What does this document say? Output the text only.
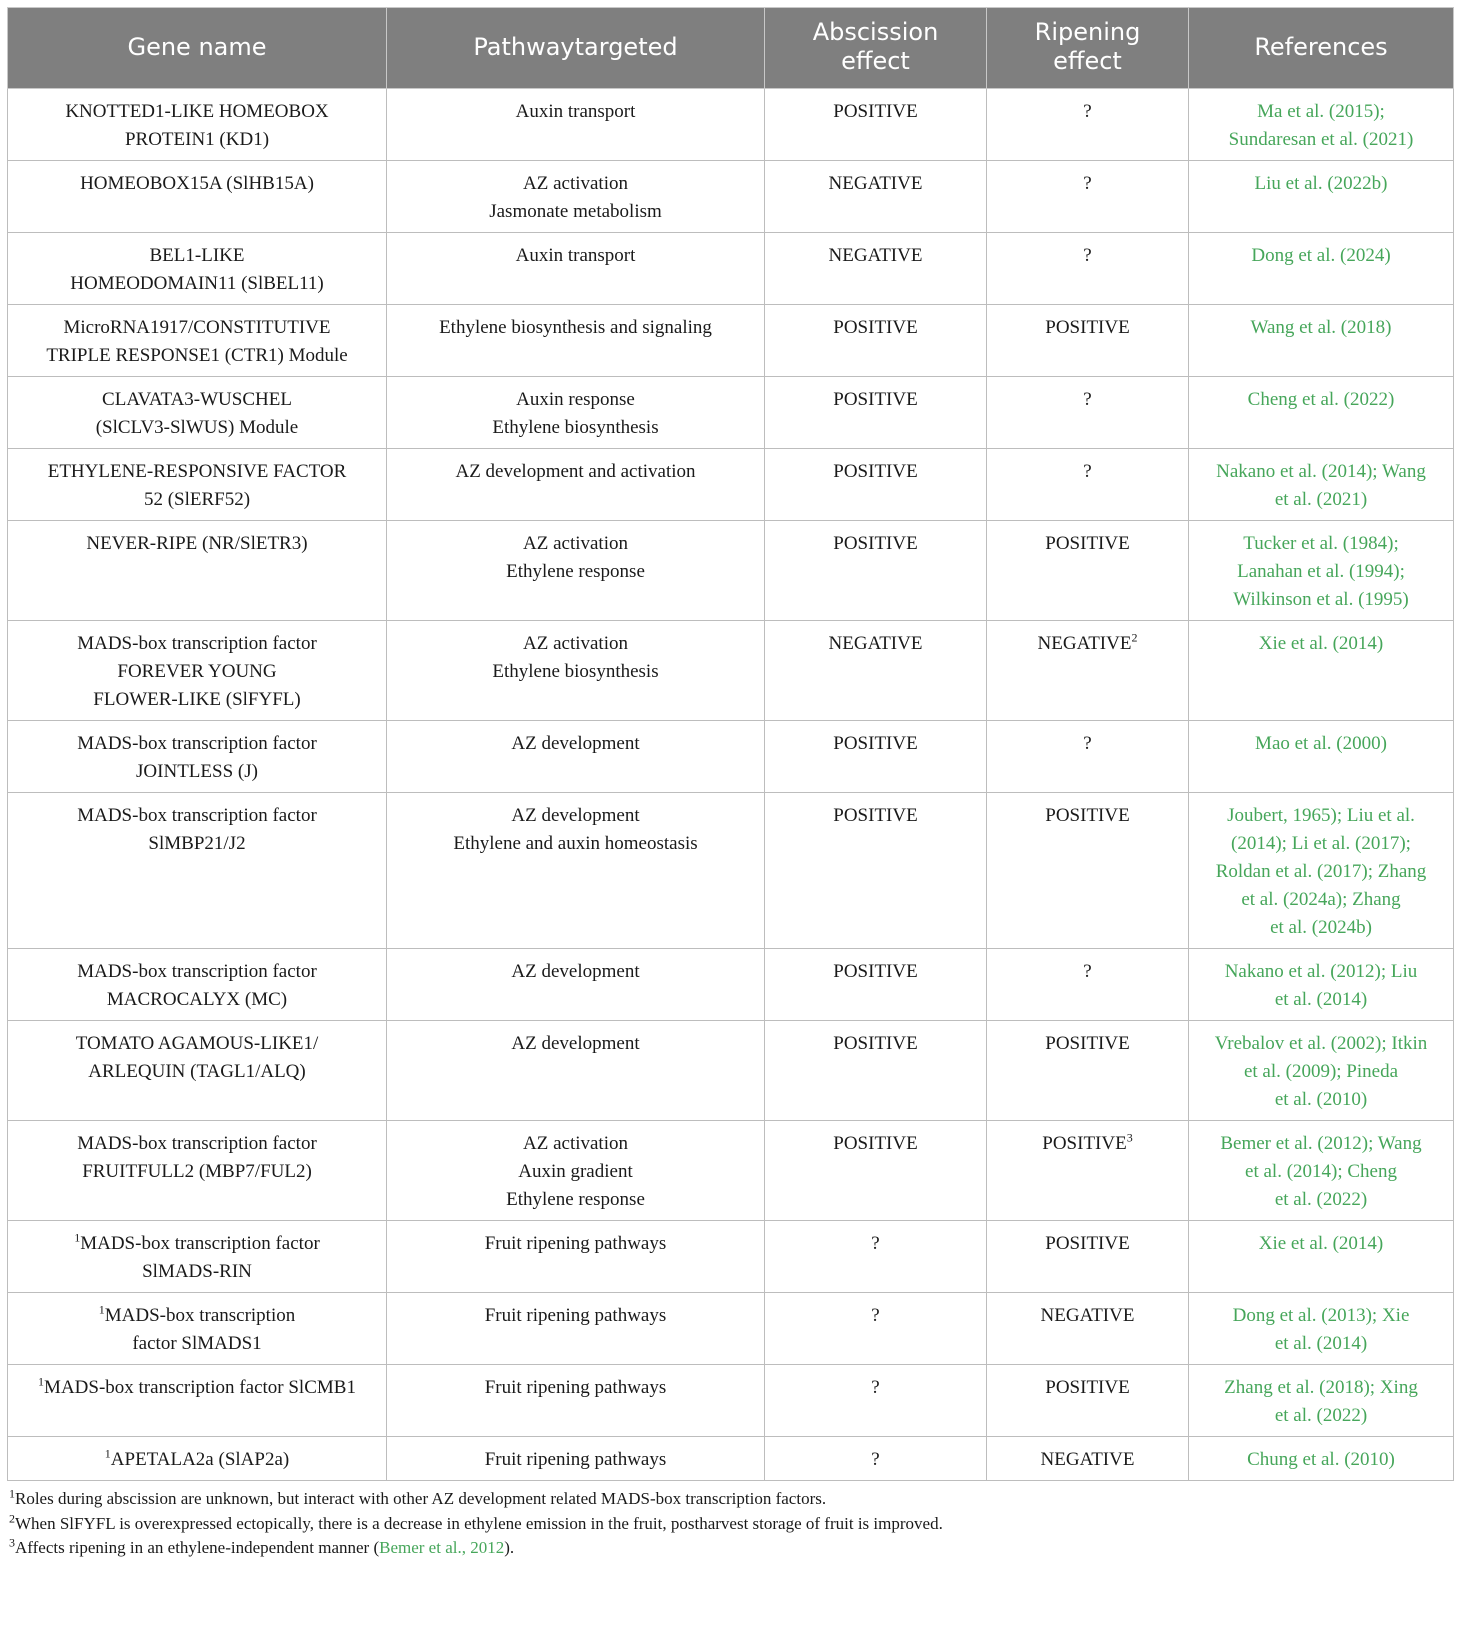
Gene name	Pathwaytargeted	Abscission effect	Ripening effect	References
KNOTTED1-LIKE HOMEOBOX
PROTEIN1 (KD1)	Auxin transport	POSITIVE	?	Ma et al. (2015);
Sundaresan et al. (2021)
HOMEOBOX15A (SlHB15A)	AZ activation
Jasmonate metabolism	NEGATIVE	?	Liu et al. (2022b)
BEL1-LIKE
HOMEODOMAIN11 (SlBEL11)	Auxin transport	NEGATIVE	?	Dong et al. (2024)
MicroRNA1917/CONSTITUTIVE
TRIPLE RESPONSE1 (CTR1) Module	Ethylene biosynthesis and signaling	POSITIVE	POSITIVE	Wang et al. (2018)
CLAVATA3-WUSCHEL
(SlCLV3-SlWUS) Module	Auxin response
Ethylene biosynthesis	POSITIVE	?	Cheng et al. (2022)
ETHYLENE-RESPONSIVE FACTOR
52 (SlERF52)	AZ development and activation	POSITIVE	?	Nakano et al. (2014); Wang
et al. (2021)
NEVER-RIPE (NR/SlETR3)	AZ activation
Ethylene response	POSITIVE	POSITIVE	Tucker et al. (1984);
Lanahan et al. (1994);
Wilkinson et al. (1995)
MADS-box transcription factor
FOREVER YOUNG
FLOWER-LIKE (SlFYFL)	AZ activation
Ethylene biosynthesis	NEGATIVE	NEGATIVE$^2$	Xie et al. (2014)
MADS-box transcription factor
JOINTLESS (J)	AZ development	POSITIVE	?	Mao et al. (2000)
MADS-box transcription factor
SlMBP21/J2	AZ development
Ethylene and auxin homeostasis	POSITIVE	POSITIVE	Joubert, 1965); Liu et al.
(2014); Li et al. (2017);
Roldan et al. (2017); Zhang
et al. (2024a); Zhang
et al. (2024b)
MADS-box transcription factor
MACROCALYX (MC)	AZ development	POSITIVE	?	Nakano et al. (2012); Liu
et al. (2014)
TOMATO AGAMOUS-LIKE1/
ARLEQUIN (TAGL1/ALQ)	AZ development	POSITIVE	POSITIVE	Vrebalov et al. (2002); Itkin
et al. (2009); Pineda
et al. (2010)
MADS-box transcription factor
FRUITFULL2 (MBP7/FUL2)	AZ activation
Auxin gradient
Ethylene response	POSITIVE	POSITIVE$^3$	Bemer et al. (2012); Wang
et al. (2014); Cheng
et al. (2022)
$^1$MADS-box transcription factor
SlMADS-RIN	Fruit ripening pathways	?	POSITIVE	Xie et al. (2014)
$^1$MADS-box transcription
factor SlMADS1	Fruit ripening pathways	?	NEGATIVE	Dong et al. (2013); Xie
et al. (2014)
$^1$MADS-box transcription factor SlCMB1	Fruit ripening pathways	?	POSITIVE	Zhang et al. (2018); Xing
et al. (2022)
$^1$APETALA2a (SlAP2a)	Fruit ripening pathways	?	NEGATIVE	Chung et al. (2010)
$^1$Roles during abscission are unknown, but interact with other AZ development related MADS-box transcription factors.
$^2$When SlFYFL is overexpressed ectopically, there is a decrease in ethylene emission in the fruit, postharvest storage of fruit is improved.
$^3$Affects ripening in an ethylene-independent manner (Bemer et al., 2012).
